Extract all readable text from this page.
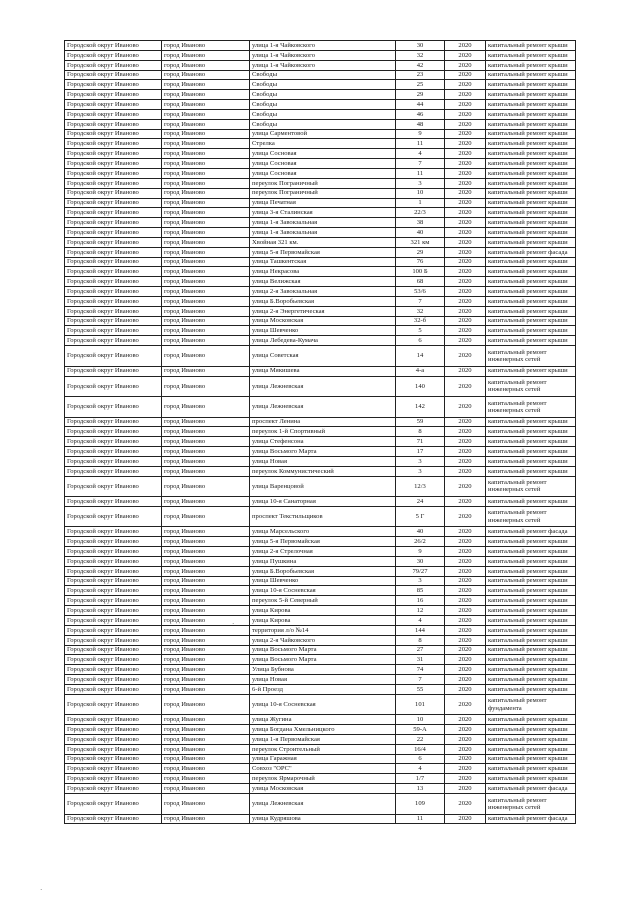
Городской округ Иваново	город Иваново	улица 1-я Чайковского	30	2020	капитальный ремонт крыши
Городской округ Иваново	город Иваново	улица 1-я Чайковского	32	2020	капитальный ремонт крыши
Городской округ Иваново	город Иваново	улица 1-я Чайковского	42	2020	капитальный ремонт крыши
Городской округ Иваново	город Иваново	Свободы	23	2020	капитальный ремонт крыши
Городской округ Иваново	город Иваново	Свободы	25	2020	капитальный ремонт крыши
Городской округ Иваново	город Иваново	Свободы	29	2020	капитальный ремонт крыши
Городской округ Иваново	город Иваново	Свободы	44	2020	капитальный ремонт крыши
Городской округ Иваново	город Иваново	Свободы	46	2020	капитальный ремонт крыши
Городской округ Иваново	город Иваново	Свободы	48	2020	капитальный ремонт крыши
Городской округ Иваново	город Иваново	улица Сарментовой	9	2020	капитальный ремонт крыши
Городской округ Иваново	город Иваново	Стрелка	11	2020	капитальный ремонт крыши
Городской округ Иваново	город Иваново	улица Сосновая	4	2020	капитальный ремонт крыши
Городской округ Иваново	город Иваново	улица Сосновая	7	2020	капитальный ремонт крыши
Городской округ Иваново	город Иваново	улица Сосновая	11	2020	капитальный ремонт крыши
Городской округ Иваново	город Иваново	переулок Пограничный	3	2020	капитальный ремонт крыши
Городской округ Иваново	город Иваново	переулок Пограничный	10	2020	капитальный ремонт крыши
Городской округ Иваново	город Иваново	улица Печатная	1	2020	капитальный ремонт крыши
Городской округ Иваново	город Иваново	улица 3-я Сталинская	22/3	2020	капитальный ремонт крыши
Городской округ Иваново	город Иваново	улица 1-я Завокзальная	38	2020	капитальный ремонт крыши
Городской округ Иваново	город Иваново	улица 1-я Завокзальная	40	2020	капитальный ремонт крыши
Городской округ Иваново	город Иваново	Хвойная 321 км.	321 км	2020	капитальный ремонт крыши
Городской округ Иваново	город Иваново	улица 5-я Первомайская	29	2020	капитальный ремонт фасада
Городской округ Иваново	город Иваново	улица Ташкентская	76	2020	капитальный ремонт крыши
Городской округ Иваново	город Иваново	улица Некрасова	100 Б	2020	капитальный ремонт крыши
Городской округ Иваново	город Иваново	улица Велижская	68	2020	капитальный ремонт крыши
Городской округ Иваново	город Иваново	улица 2-я Завокзальная	53/6	2020	капитальный ремонт крыши
Городской округ Иваново	город Иваново	улица Б.Воробьевская	7	2020	капитальный ремонт крыши
Городской округ Иваново	город Иваново	улица 2-я Энергетическая	32	2020	капитальный ремонт крыши
Городской округ Иваново	город Иваново	улица Московская	32-б	2020	капитальный ремонт крыши
Городской округ Иваново	город Иваново	улица Шевченко	5	2020	капитальный ремонт крыши
Городской округ Иваново	город Иваново	улица Лебедева-Кумача	6	2020	капитальный ремонт крыши
Городской округ Иваново	город Иваново	улица Советская	14	2020	капитальный ремонт инженерных сетей
Городской округ Иваново	город Иваново	улица Мякишева	4-а	2020	капитальный ремонт крыши
Городской округ Иваново	город Иваново	улица Лежневская	140	2020	капитальный ремонт инженерных сетей
Городской округ Иваново	город Иваново	улица Лежневская	142	2020	капитальный ремонт инженерных сетей
Городской округ Иваново	город Иваново	проспект Ленина	59	2020	капитальный ремонт крыши
Городской округ Иваново	город Иваново	переулок 1-й Спортивный	8	2020	капитальный ремонт крыши
Городской округ Иваново	город Иваново	улица Стефенсона	71	2020	капитальный ремонт крыши
Городской округ Иваново	город Иваново	улица Восьмого Марта	17	2020	капитальный ремонт крыши
Городской округ Иваново	город Иваново	улица Новая	3	2020	капитальный ремонт крыши
Городской округ Иваново	город Иваново	переулок Коммунистический	3	2020	капитальный ремонт крыши
Городской округ Иваново	город Иваново	улица Варенцовой	12/3	2020	капитальный ремонт инженерных сетей
Городской округ Иваново	город Иваново	улица 10-я Санаторная	24	2020	капитальный ремонт крыши
Городской округ Иваново	город Иваново	проспект Текстильщиков	5 Г	2020	капитальный ремонт инженерных сетей
Городской округ Иваново	город Иваново	улица Марсельского	40	2020	капитальный ремонт фасада
Городской округ Иваново	город Иваново	улица 5-я Первомайская	26/2	2020	капитальный ремонт крыши
Городской округ Иваново	город Иваново	улица 2-я Стрелочная	9	2020	капитальный ремонт крыши
Городской округ Иваново	город Иваново	улица Пушкина	30	2020	капитальный ремонт крыши
Городской округ Иваново	город Иваново	улица Б.Воробьевская	79/27	2020	капитальный ремонт крыши
Городской округ Иваново	город Иваново	улица Шевченко	3	2020	капитальный ремонт крыши
Городской округ Иваново	город Иваново	улица 10-я Сосневская	85	2020	капитальный ремонт крыши
Городской округ Иваново	город Иваново	переулок 5-й Северный	16	2020	капитальный ремонт крыши
Городской округ Иваново	город Иваново	улица Кирова	12	2020	капитальный ремонт крыши
Городской округ Иваново	город Иваново	улица Кирова	4	2020	капитальный ремонт крыши
Городской округ Иваново	город Иваново	территория л/о №14	144	2020	капитальный ремонт крыши
Городской округ Иваново	город Иваново	улица 2-я Чайковского	8	2020	капитальный ремонт крыши
Городской округ Иваново	город Иваново	улица Восьмого Марта	27	2020	капитальный ремонт крыши
Городской округ Иваново	город Иваново	улица Восьмого Марта	31	2020	капитальный ремонт крыши
Городской округ Иваново	город Иваново	Улица Бубнова	74	2020	капитальный ремонт крыши
Городской округ Иваново	город Иваново	улица Новая	7	2020	капитальный ремонт крыши
Городской округ Иваново	город Иваново	6-й Проезд	55	2020	капитальный ремонт крыши
Городской округ Иваново	город Иваново	улица 10-я Сосневская	101	2020	капитальный ремонт фундамента
Городской округ Иваново	город Иваново	улица Жугина	10	2020	капитальный ремонт крыши
Городской округ Иваново	город Иваново	улица Богдана Хмельницкого	59-А	2020	капитальный ремонт крыши
Городской округ Иваново	город Иваново	улица 1-я Первомайская	22	2020	капитальный ремонт крыши
Городской округ Иваново	город Иваново	переулок Строительный	16/4	2020	капитальный ремонт крыши
Городской округ Иваново	город Иваново	улица Гаражная	6	2020	капитальный ремонт крыши
Городской округ Иваново	город Иваново	Совхоз "ОРС"	4	2020	капитальный ремонт крыши
Городской округ Иваново	город Иваново	переулок Ярмарочный	1/7	2020	капитальный ремонт крыши
Городской округ Иваново	город Иваново	улица Московская	13	2020	капитальный ремонт фасада
Городской округ Иваново	город Иваново	улица Лежневская	109	2020	капитальный ремонт инженерных сетей
Городской округ Иваново	город Иваново	улица Кудряшова	11	2020	капитальный ремонт фасада
·
·
